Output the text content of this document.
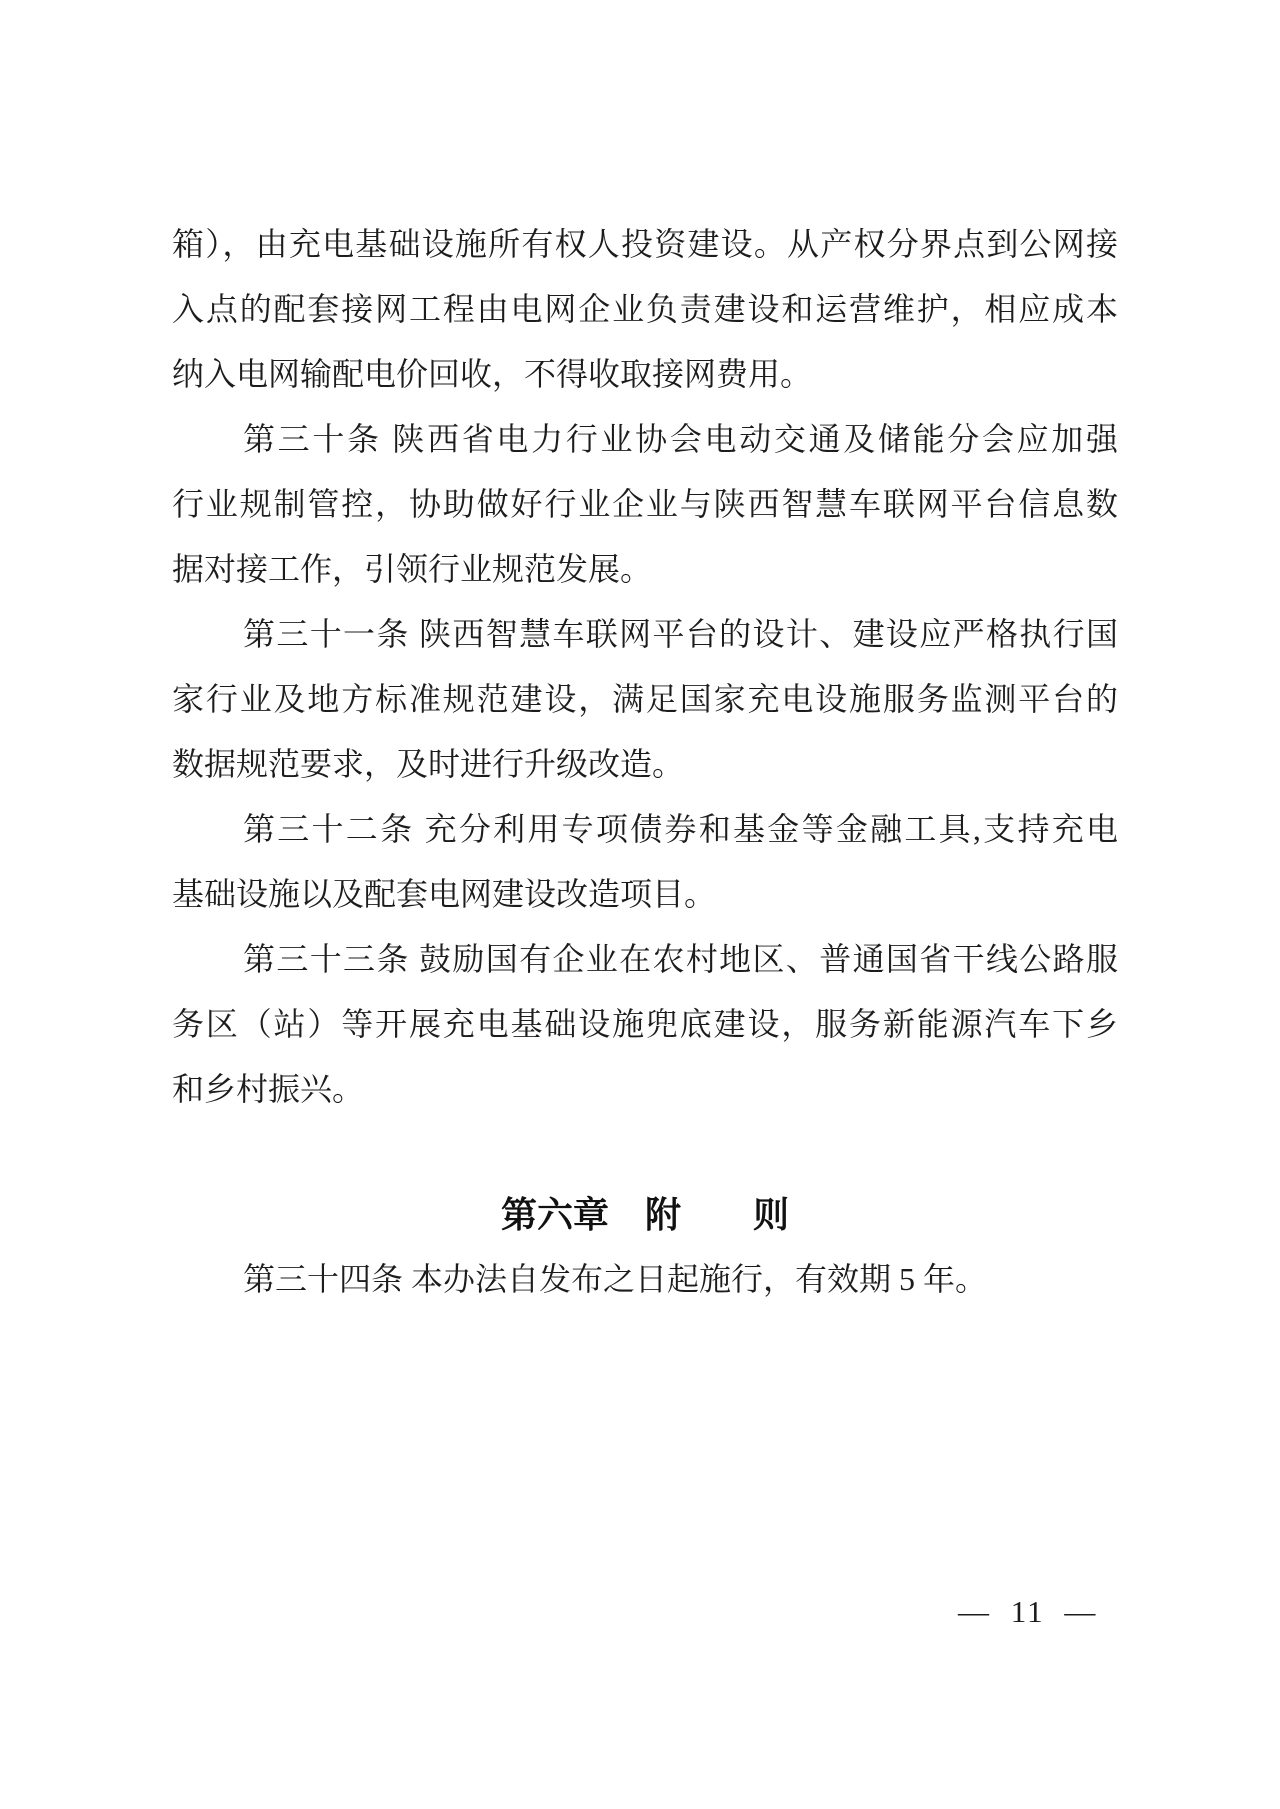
箱），由充电基础设施所有权人投资建设。从产权分界点到公网接
入点的配套接网工程由电网企业负责建设和运营维护，相应成本
纳入电网输配电价回收，不得收取接网费用。
第三十条 陕西省电力行业协会电动交通及储能分会应加强
行业规制管控，协助做好行业企业与陕西智慧车联网平台信息数
据对接工作，引领行业规范发展。
第三十一条 陕西智慧车联网平台的设计、建设应严格执行国
家行业及地方标准规范建设，满足国家充电设施服务监测平台的
数据规范要求，及时进行升级改造。
第三十二条 充分利用专项债券和基金等金融工具,支持充电
基础设施以及配套电网建设改造项目。
第三十三条 鼓励国有企业在农村地区、普通国省干线公路服
务区（站）等开展充电基础设施兜底建设，服务新能源汽车下乡
和乡村振兴。
第六章　附　　则
第三十四条 本办法自发布之日起施行，有效期 5 年。
— 11 —
